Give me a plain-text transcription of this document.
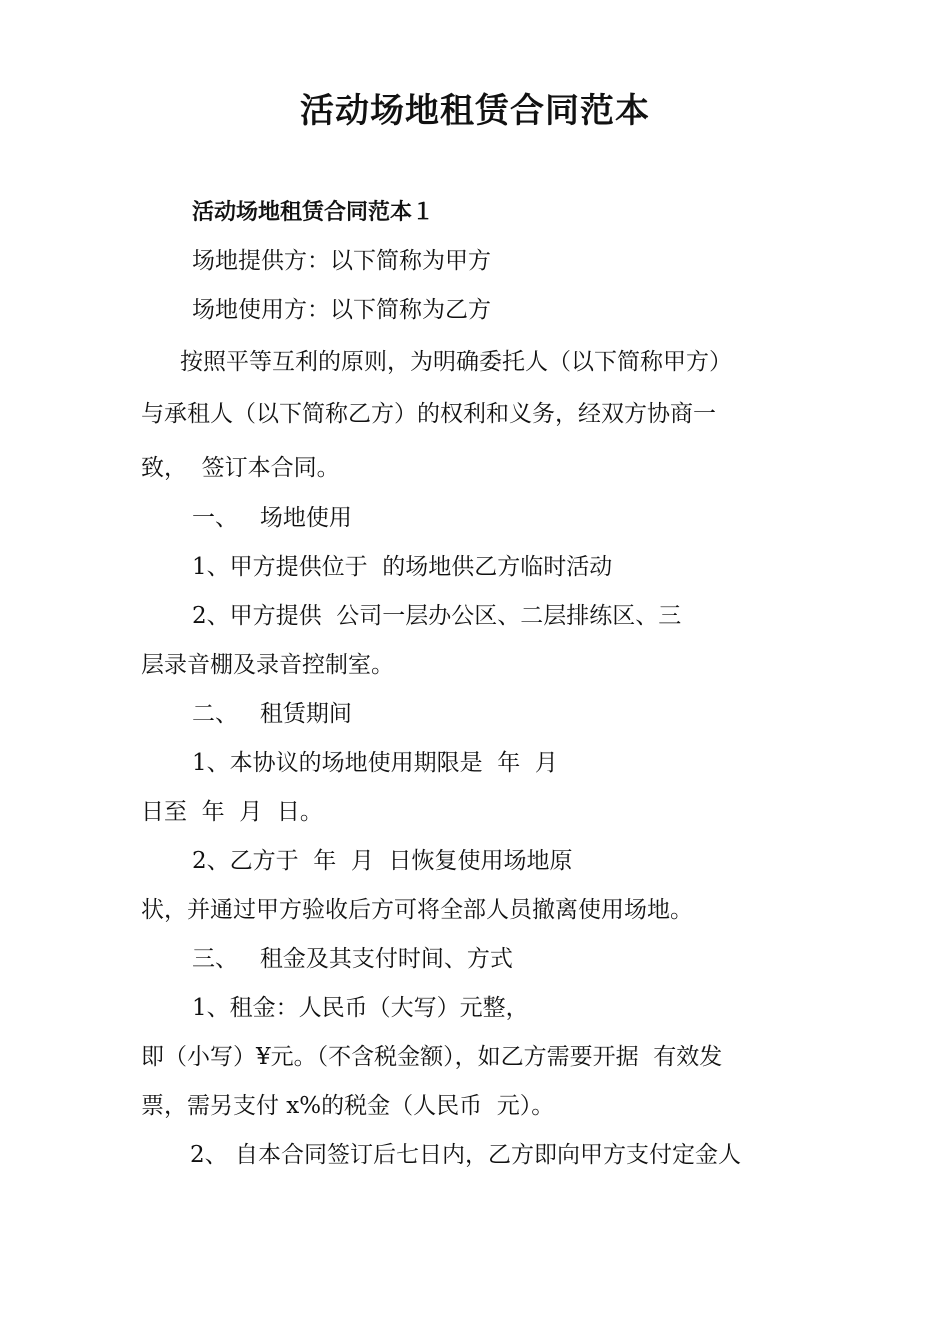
活动场地租赁合同范本

活动场地租赁合同范本１

场地提供方：以下简称为甲方

场地使用方：以下简称为乙方

按照平等互利的原则，为明确委托人（以下简称甲方）

与承租人（以下简称乙方）的权利和义务，经双方协商一

致，  签订本合同。

一、   场地使用

1、甲方提供位于  的场地供乙方临时活动

2、甲方提供  公司一层办公区、二层排练区、三

层录音棚及录音控制室。

二、   租赁期间

1、本协议的场地使用期限是  年  月

日至  年  月  日。

2、乙方于  年  月  日恢复使用场地原

状，并通过甲方验收后方可将全部人员撤离使用场地。

三、   租金及其支付时间、方式

1、租金：人民币（大写）元整，

即（小写）¥元。（不含税金额），如乙方需要开据  有效发

票，需另支付 x%的税金（人民币  元）。

2、 自本合同签订后七日内，乙方即向甲方支付定金人
